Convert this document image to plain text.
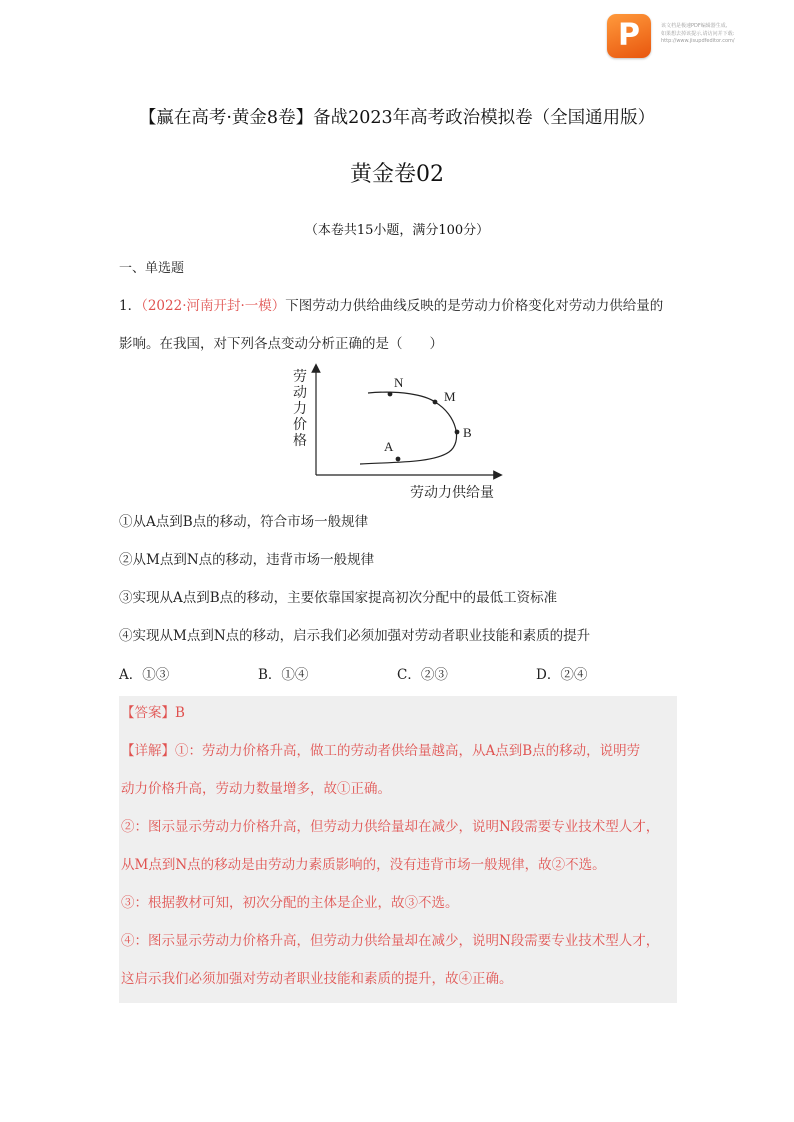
P	该文档是极速PDF编辑器生成,
如果想去掉该提示,请访问并下载:
http://www.jisupdfeditor.com/
【赢在高考·黄金8卷】备战2023年高考政治模拟卷（全国通用版）
黄金卷02
（本卷共15小题，满分100分）
一、单选题
1．（2022·河南开封·一模）下图劳动力供给曲线反映的是劳动力价格变化对劳动力供给量的
影响。在我国，对下列各点变动分析正确的是（　　）
N
M
B
A
劳动力价格
劳动力供给量
①从A点到B点的移动，符合市场一般规律
②从M点到N点的移动，违背市场一般规律
③实现从A点到B点的移动，主要依靠国家提高初次分配中的最低工资标准
④实现从M点到N点的移动，启示我们必须加强对劳动者职业技能和素质的提升
A．①③	B．①④	C．②③	D．②④
【答案】B
【详解】①：劳动力价格升高，做工的劳动者供给量越高，从A点到B点的移动，说明劳
动力价格升高，劳动力数量增多，故①正确。
②：图示显示劳动力价格升高，但劳动力供给量却在减少，说明N段需要专业技术型人才，
从M点到N点的移动是由劳动力素质影响的，没有违背市场一般规律，故②不选。
③：根据教材可知，初次分配的主体是企业，故③不选。
④：图示显示劳动力价格升高，但劳动力供给量却在减少，说明N段需要专业技术型人才，
这启示我们必须加强对劳动者职业技能和素质的提升，故④正确。
